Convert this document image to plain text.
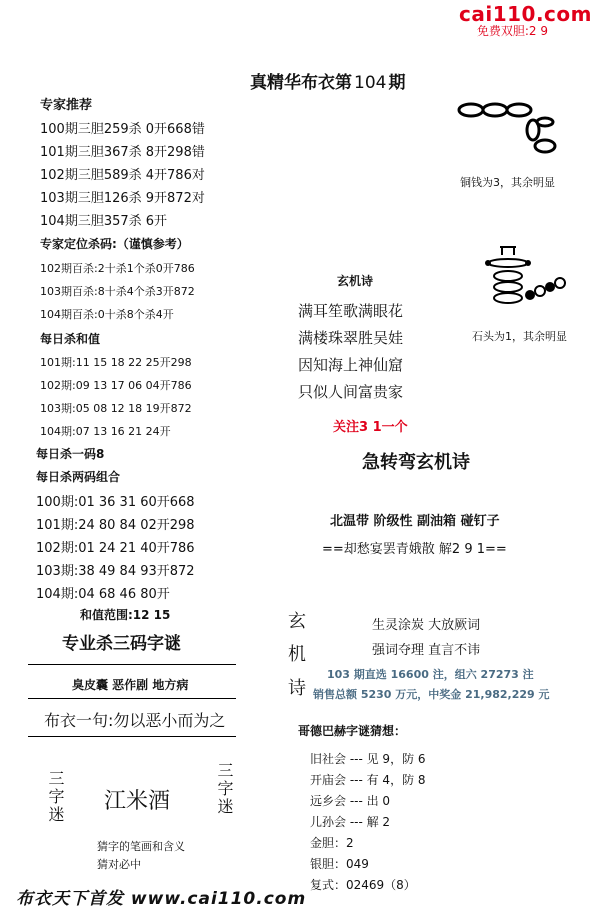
cai110.com
免费双胆:2 9
真精华布衣第 104 期
专家推荐
100期三胆259杀 0开668错
101期三胆367杀 8开298错
102期三胆589杀 4开786对
103期三胆126杀 9开872对
104期三胆357杀 6开
专家定位杀码:（谨慎参考）
102期百杀:2十杀1个杀0开786
103期百杀:8十杀4个杀3开872
104期百杀:0十杀8个杀4开
每日杀和值
101期:11 15 18 22 25开298
102期:09 13 17 06 04开786
103期:05 08 12 18 19开872
104期:07 13 16 21 24开
每日杀一码8
每日杀两码组合
100期:01 36 31 60开668
101期:24 80 84 02开298
102期:01 24 21 40开786
103期:38 49 84 93开872
104期:04 68 46 80开
和值范围:12 15
专业杀三码字谜
臭皮囊 恶作剧 地方病
布衣一句:勿以恶小而为之
三字迷 江米酒	三字迷
猜字的笔画和含义
猜对必中
铜钱为3，其余明显
石头为1，其余明显
玄机诗
满耳笙歌满眼花
满楼珠翠胜吴娃
因知海上神仙窟
只似人间富贵家
关注3 1一个
急转弯玄机诗
北温带 阶级性 副油箱 碰钉子
==却愁宴罢青娥散 解2 9 1==
玄
机
诗
生灵涂炭 大放厥词
强词夺理 直言不讳
103 期直选 16600 注，组六 27273 注
销售总额 5230 万元，中奖金 21,982,229 元
哥德巴赫字谜猜想：
旧社会 --- 见 9，防 6
开庙会 --- 有 4，防 8
远乡会 --- 出 0
儿孙会 --- 解 2
金胆：2
银胆：049
复式：02469（8）
布衣天下首发 www.cai110.com
